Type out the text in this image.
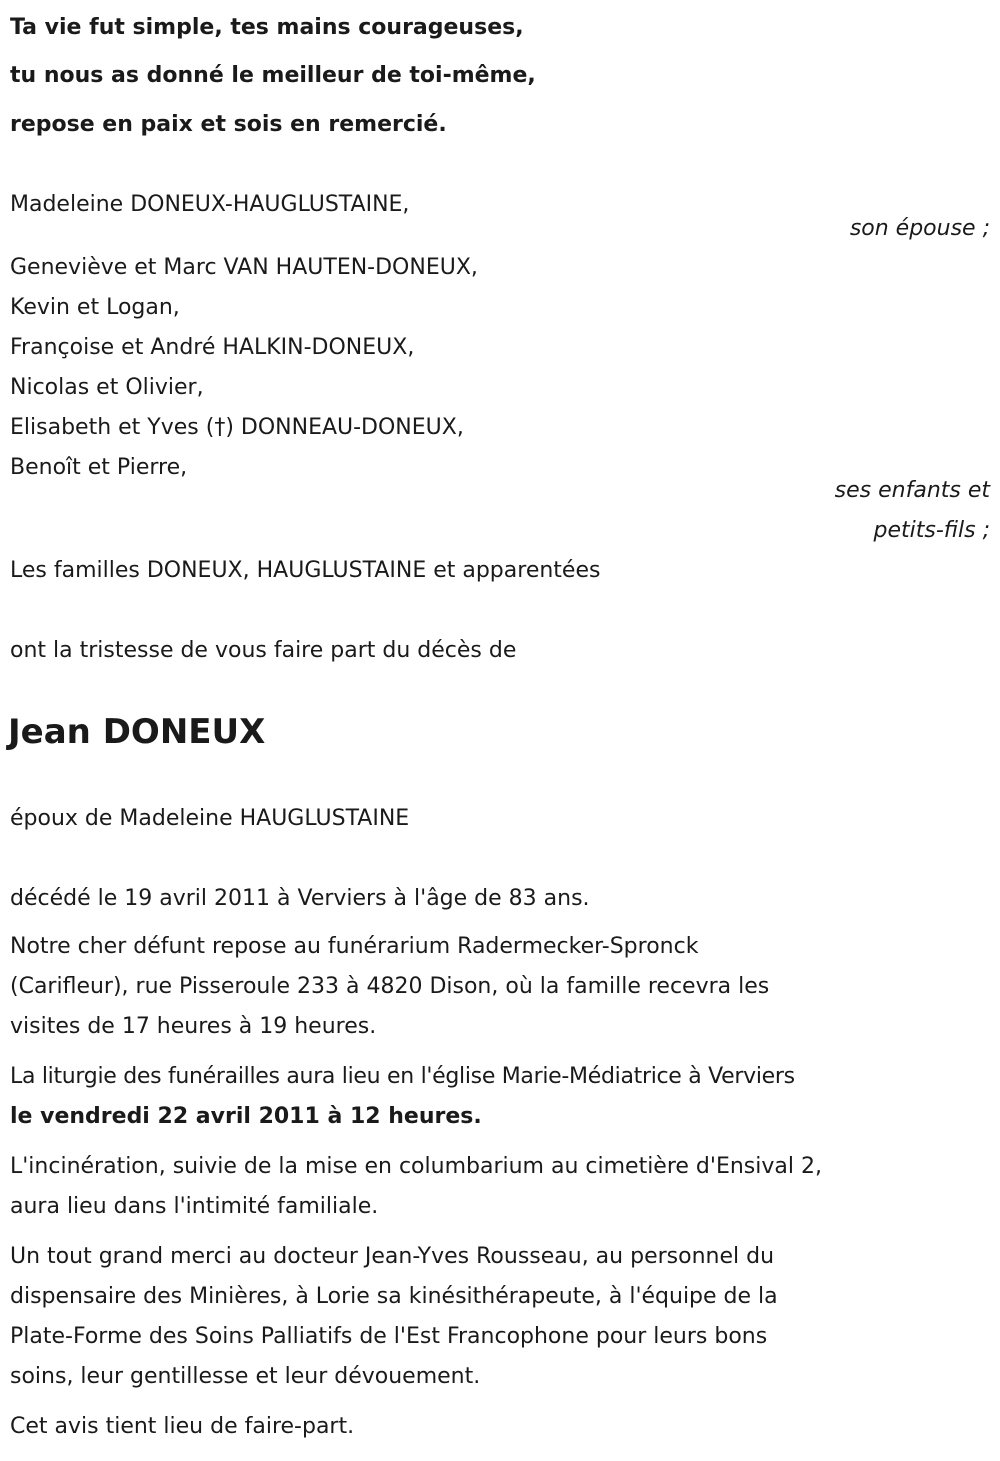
Ta vie fut simple, tes mains courageuses,
tu nous as donné le meilleur de toi-même,
repose en paix et sois en remercié.
Madeleine DONEUX-HAUGLUSTAINE,
son épouse ;
Geneviève et Marc VAN HAUTEN-DONEUX,
Kevin et Logan,
Françoise et André HALKIN-DONEUX,
Nicolas et Olivier,
Elisabeth et Yves (†) DONNEAU-DONEUX,
Benoît et Pierre,
ses enfants et
petits-fils ;
Les familles DONEUX, HAUGLUSTAINE et apparentées
ont la tristesse de vous faire part du décès de
Jean DONEUX
époux de Madeleine HAUGLUSTAINE
décédé le 19 avril 2011 à Verviers à l'âge de 83 ans.
Notre cher défunt repose au funérarium Radermecker-Spronck
(Carifleur), rue Pisseroule 233 à 4820 Dison, où la famille recevra les
visites de 17 heures à 19 heures.
La liturgie des funérailles aura lieu en l'église Marie-Médiatrice à Verviers
le vendredi 22 avril 2011 à 12 heures.
L'incinération, suivie de la mise en columbarium au cimetière d'Ensival 2,
aura lieu dans l'intimité familiale.
Un tout grand merci au docteur Jean-Yves Rousseau, au personnel du
dispensaire des Minières, à Lorie sa kinésithérapeute, à l'équipe de la
Plate-Forme des Soins Palliatifs de l'Est Francophone pour leurs bons
soins, leur gentillesse et leur dévouement.
Cet avis tient lieu de faire-part.
